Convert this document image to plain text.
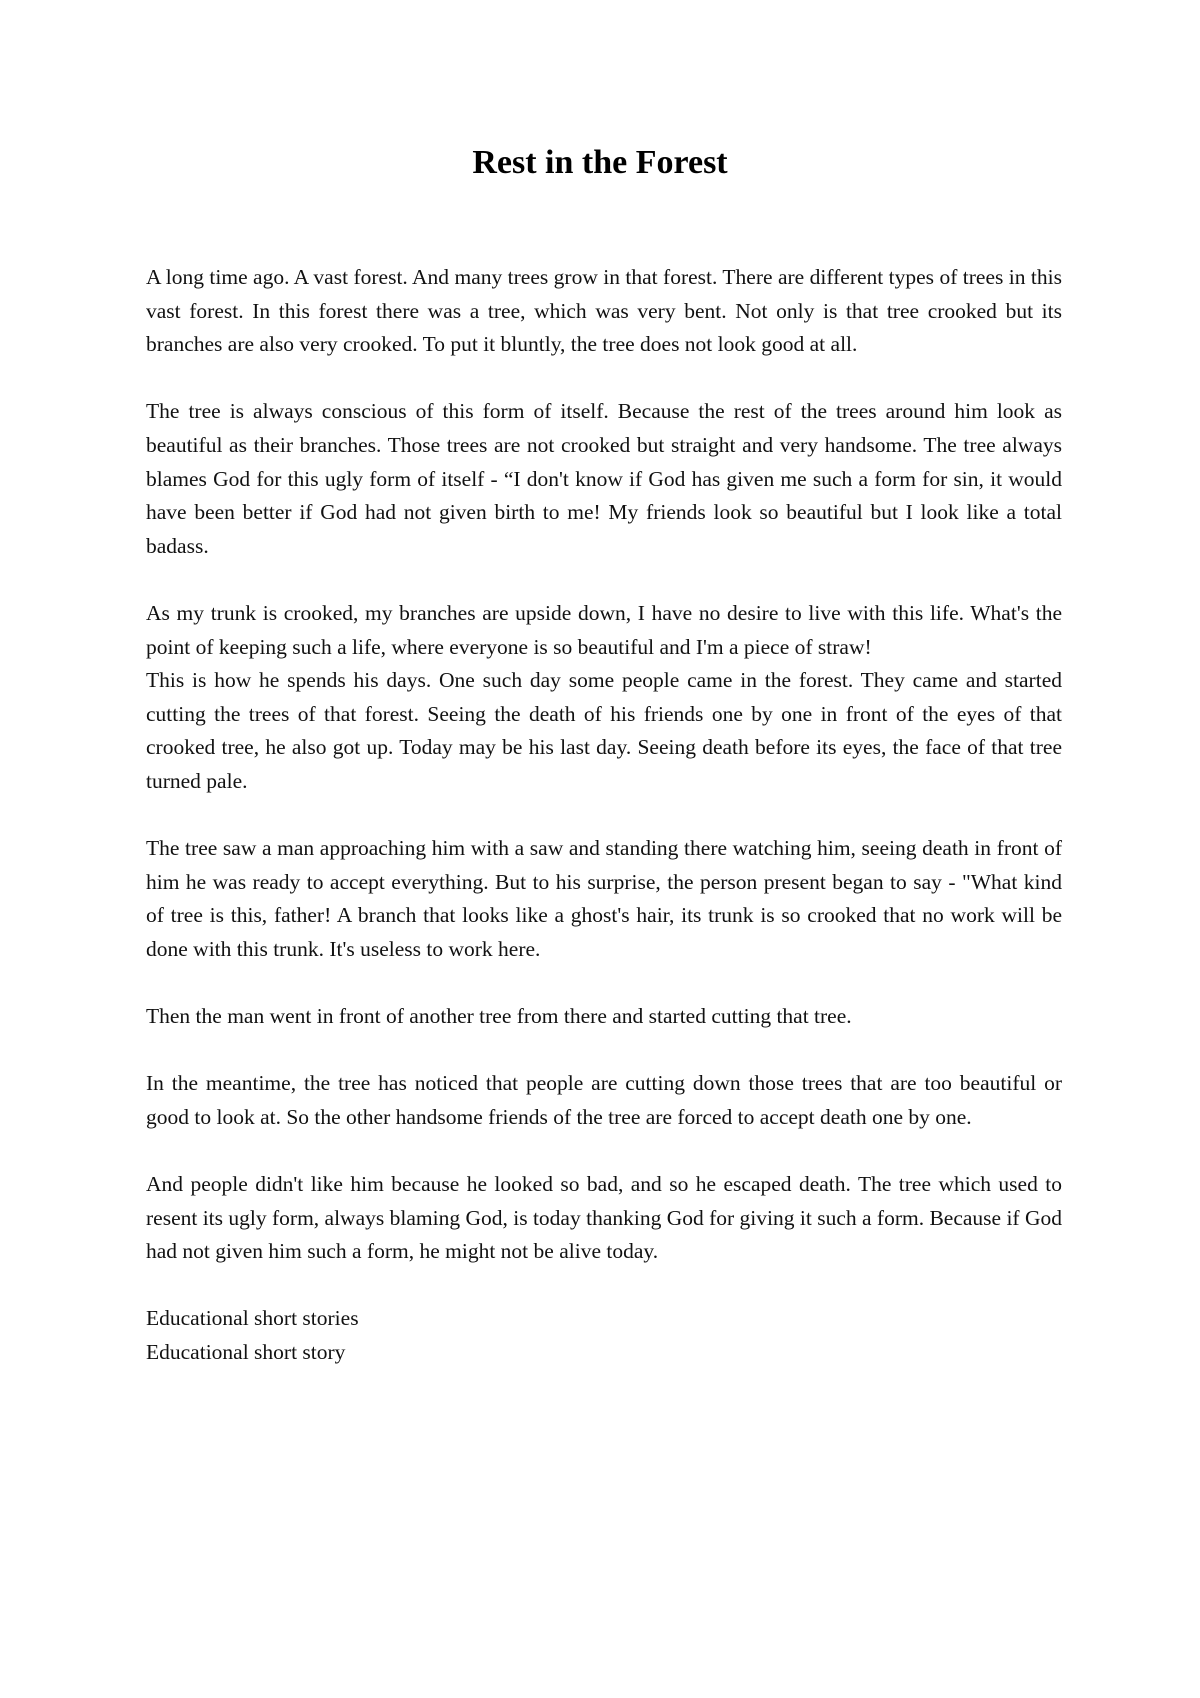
Rest in the Forest

A long time ago. A vast forest. And many trees grow in that forest. There are different types of trees in this vast forest. In this forest there was a tree, which was very bent. Not only is that tree crooked but its branches are also very crooked. To put it bluntly, the tree does not look good at all.

The tree is always conscious of this form of itself. Because the rest of the trees around him look as beautiful as their branches. Those trees are not crooked but straight and very handsome. The tree always blames God for this ugly form of itself - “I don't know if God has given me such a form for sin, it would have been better if God had not given birth to me! My friends look so beautiful but I look like a total badass.

As my trunk is crooked, my branches are upside down, I have no desire to live with this life. What's the point of keeping such a life, where everyone is so beautiful and I'm a piece of straw!

This is how he spends his days. One such day some people came in the forest. They came and started cutting the trees of that forest. Seeing the death of his friends one by one in front of the eyes of that crooked tree, he also got up. Today may be his last day. Seeing death before its eyes, the face of that tree turned pale.

The tree saw a man approaching him with a saw and standing there watching him, seeing death in front of him he was ready to accept everything. But to his surprise, the person present began to say - "What kind of tree is this, father! A branch that looks like a ghost's hair, its trunk is so crooked that no work will be done with this trunk. It's useless to work here.

Then the man went in front of another tree from there and started cutting that tree.

In the meantime, the tree has noticed that people are cutting down those trees that are too beautiful or good to look at. So the other handsome friends of the tree are forced to accept death one by one.

And people didn't like him because he looked so bad, and so he escaped death. The tree which used to resent its ugly form, always blaming God, is today thanking God for giving it such a form. Because if God had not given him such a form, he might not be alive today.

Educational short stories

Educational short story
